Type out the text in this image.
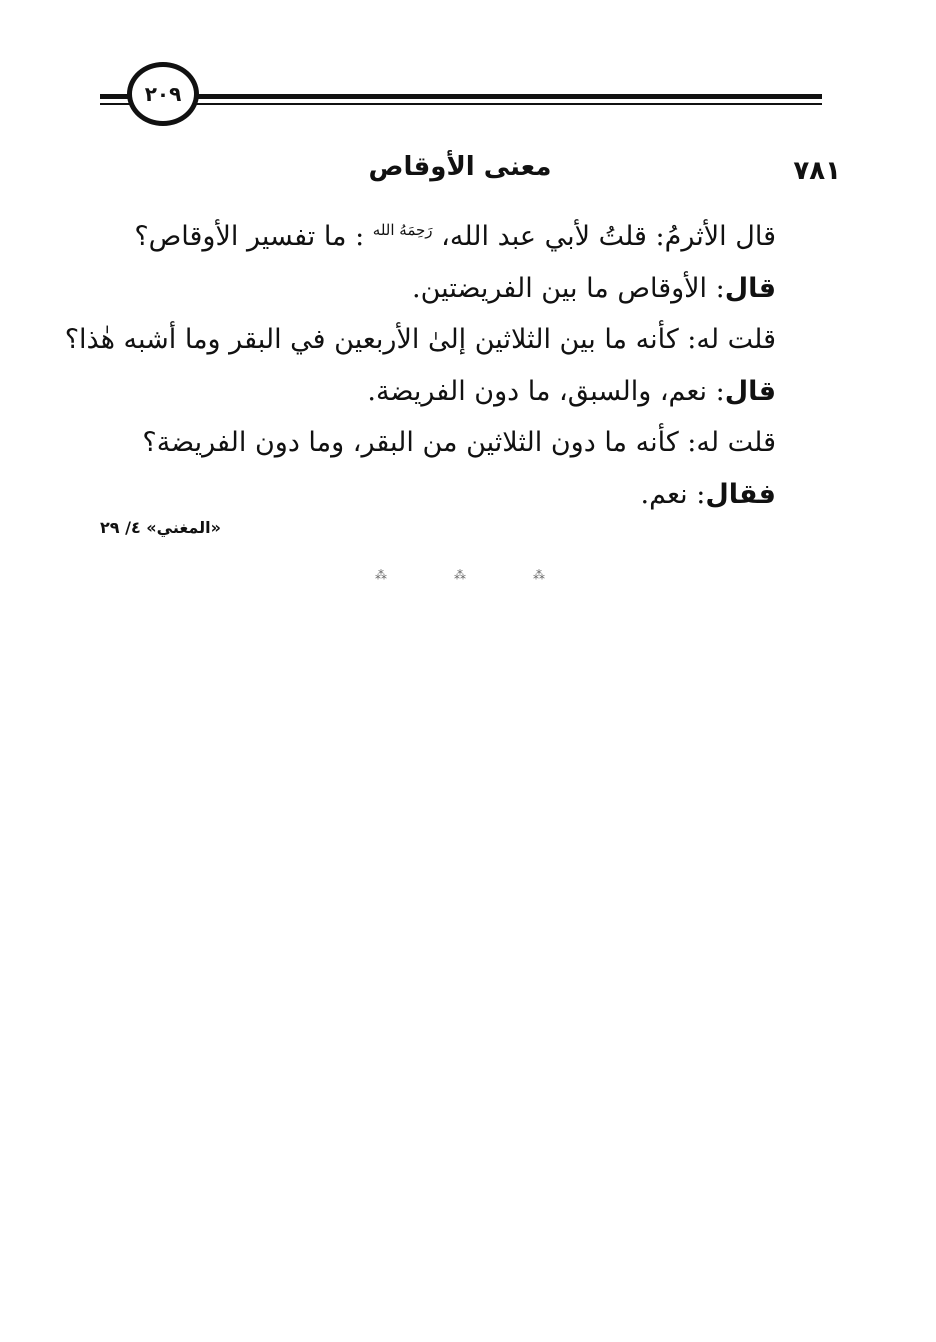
٢٠٩
٧٨١
معنى الأوقاص
قال الأثرمُ: قلتُ لأبي عبد الله، $^{رَحِمَهُ الله}$ : ما تفسير الأوقاص؟
قال: الأوقاص ما بين الفريضتين.
قلت له: كأنه ما بين الثلاثين إلىٰ الأربعين في البقر وما أشبه هٰذا؟
قال: نعم، والسبق، ما دون الفريضة.
قلت له: كأنه ما دون الثلاثين من البقر، وما دون الفريضة؟
فقال: نعم.
«المغني» ٤/ ٢٩
⁂	⁂	⁂
